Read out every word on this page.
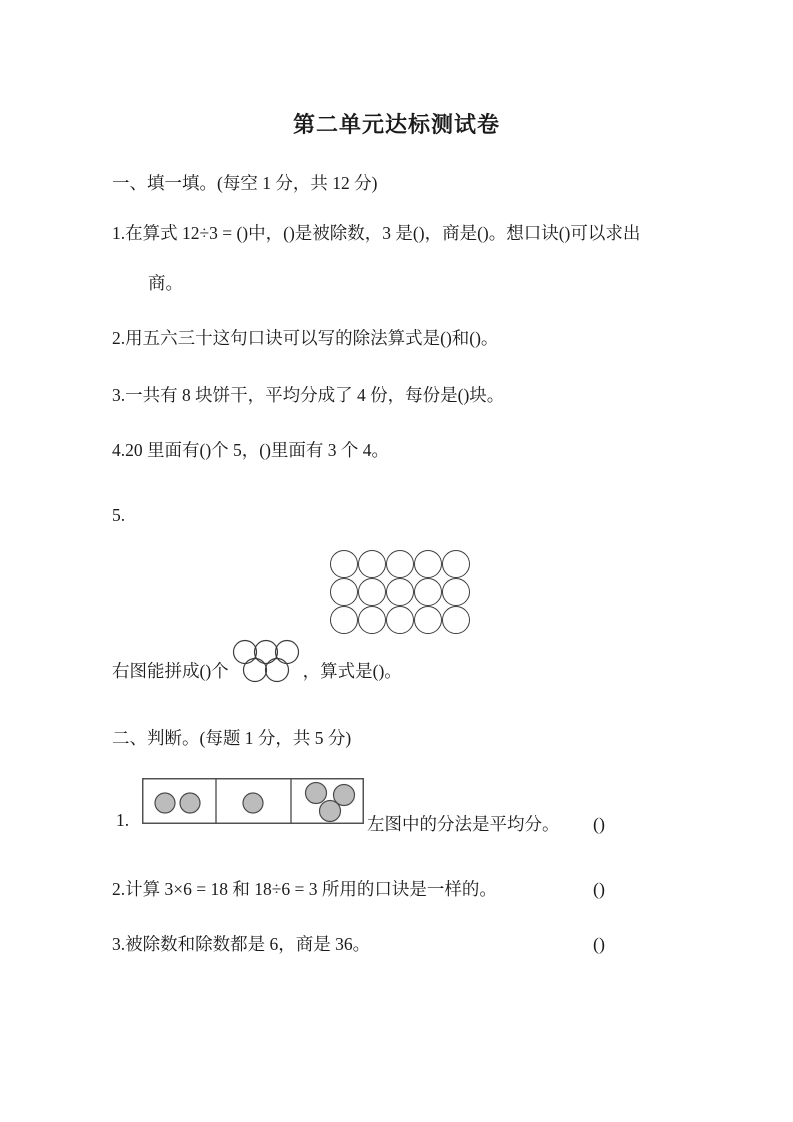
第二单元达标测试卷
一、填一填。(每空 1 分，共 12 分)
1.在算式 12÷3 = ()中，()是被除数，3 是()，商是()。想口诀()可以求出
商。
2.用五六三十这句口诀可以写的除法算式是()和()。
3.一共有 8 块饼干，平均分成了 4 份，每份是()块。
4.20 里面有()个 5，()里面有 3 个 4。
5.
右图能拼成()个	，算式是()。
二、判断。(每题 1 分，共 5 分)
1.	左图中的分法是平均分。 ()
2.计算 3×6 = 18 和 18÷6 = 3 所用的口诀是一样的。	()
3.被除数和除数都是 6，商是 36。	()
